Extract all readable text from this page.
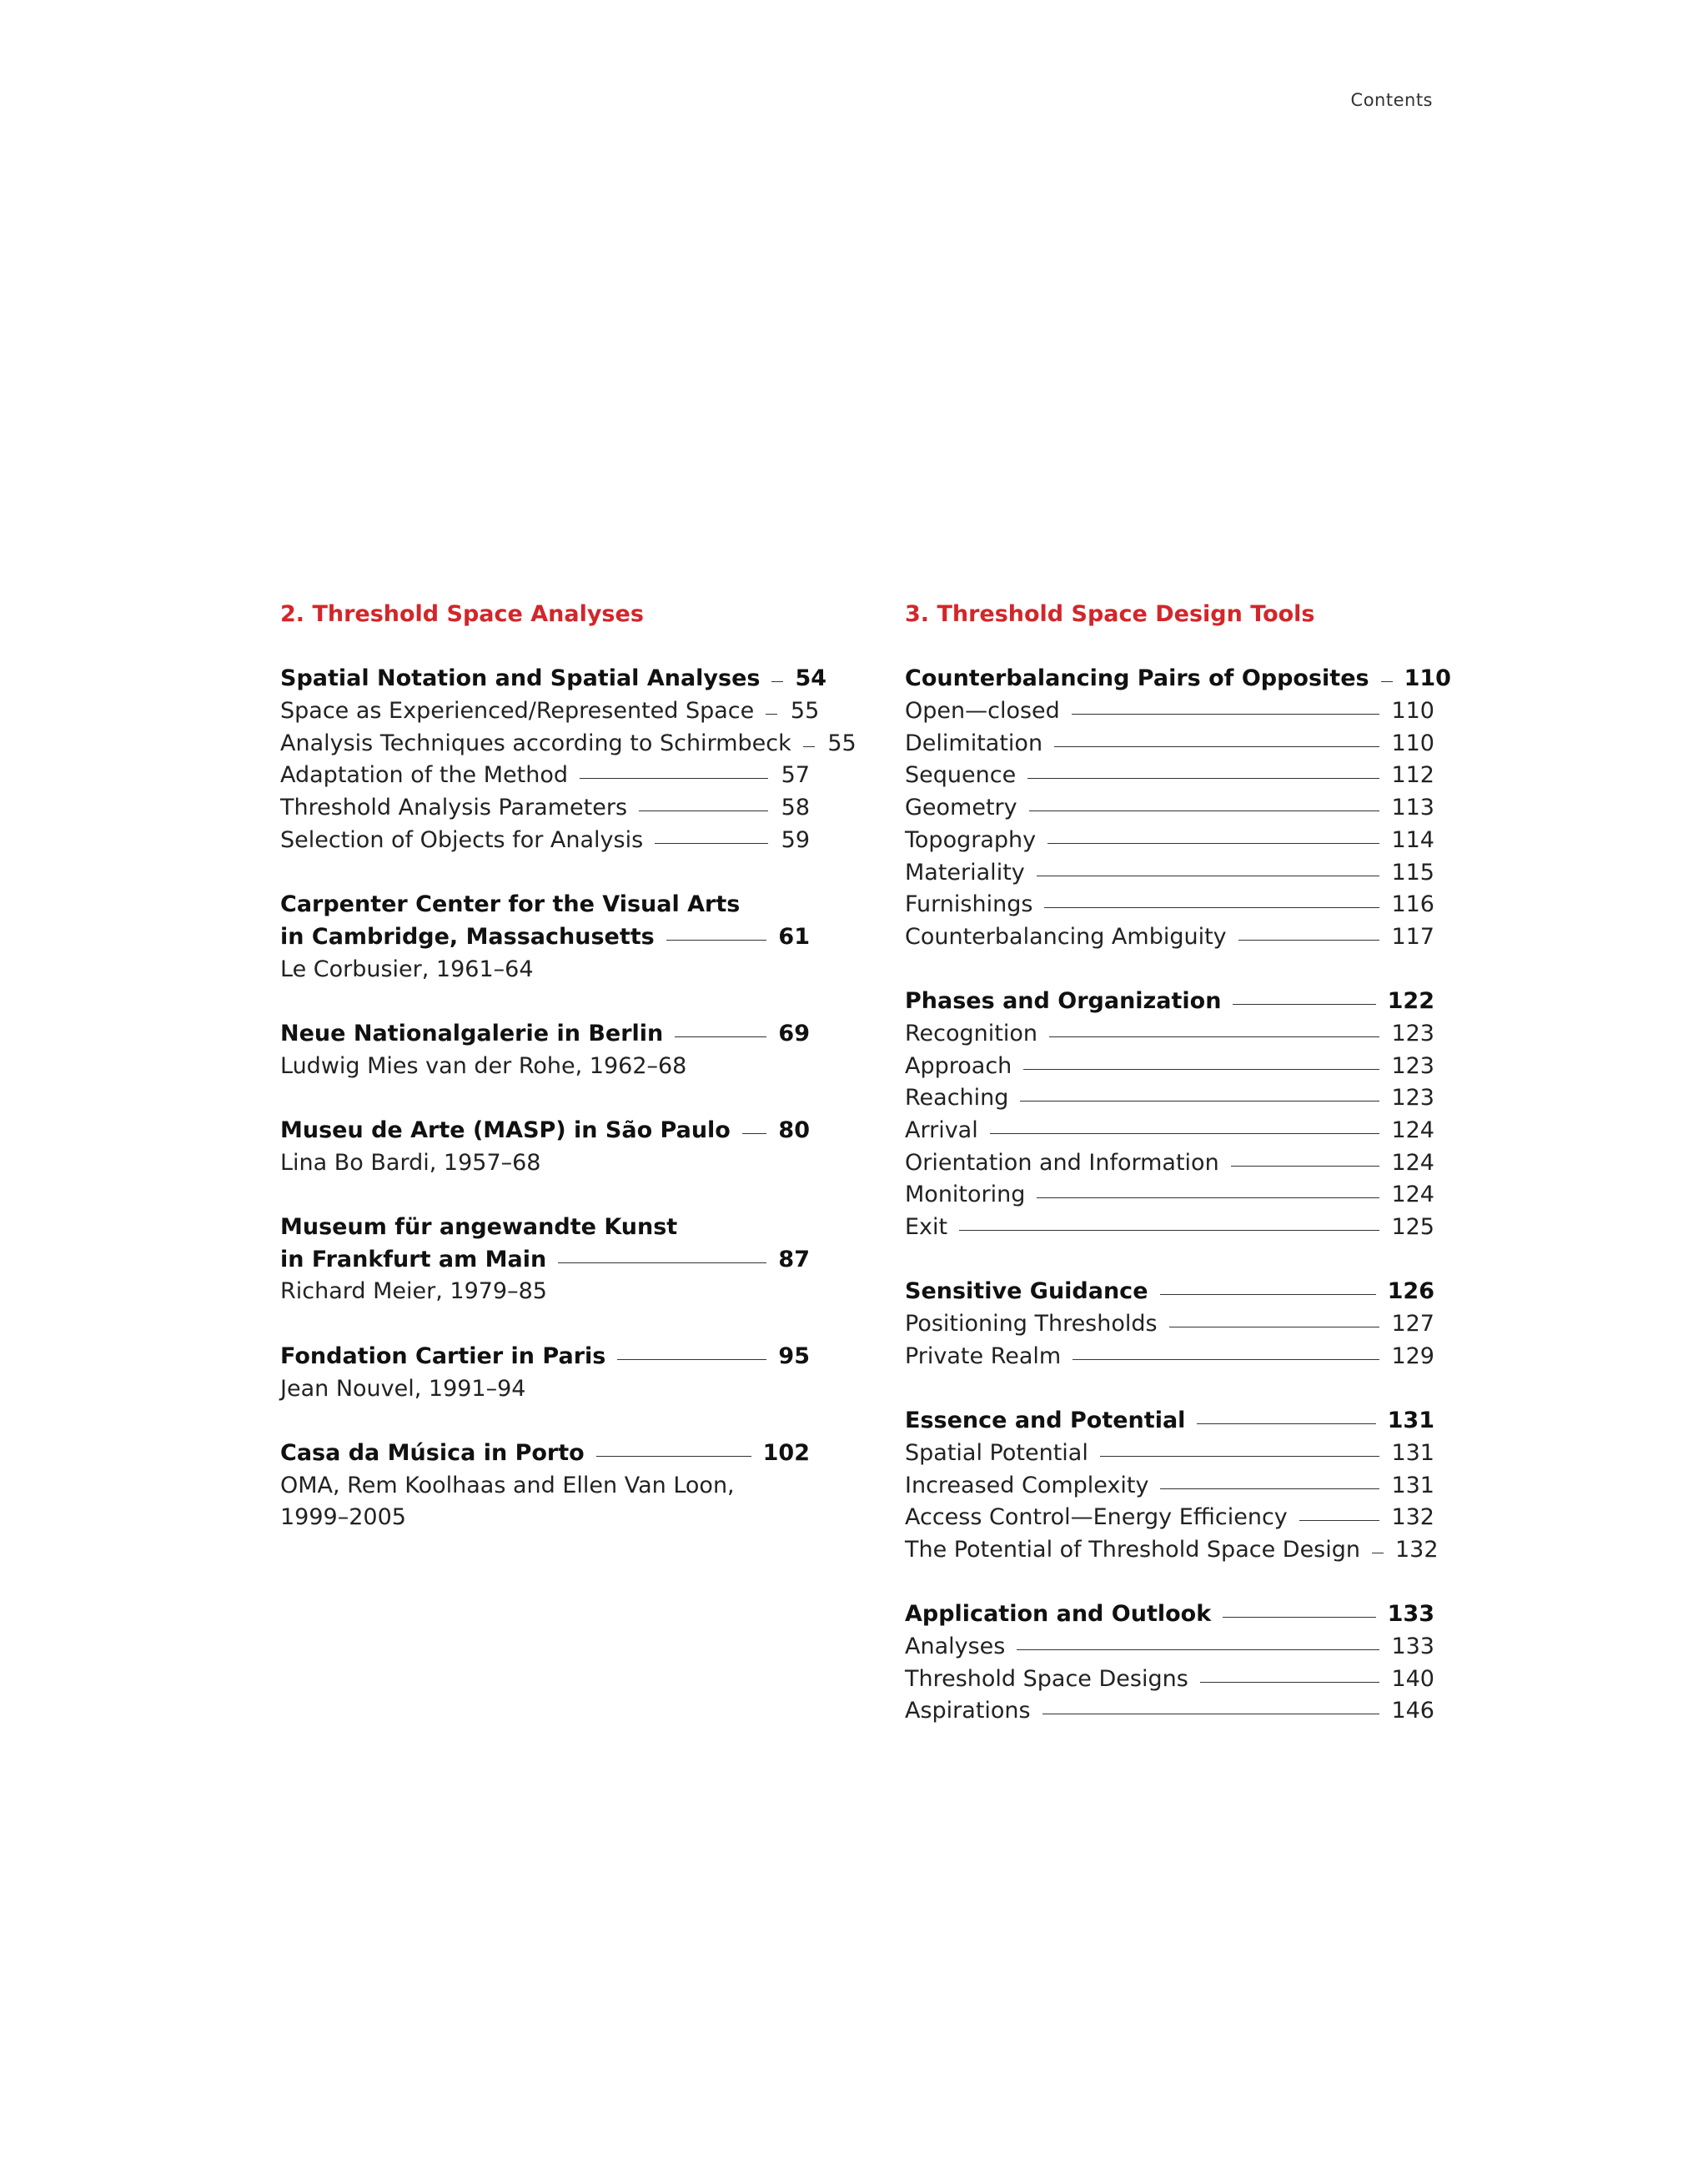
Contents
2. Threshold Space Analyses
Spatial Notation and Spatial Analyses 54
Space as Experienced/Represented Space 55
Analysis Techniques according to Schirmbeck 55
Adaptation of the Method	57
Threshold Analysis Parameters	58
Selection of Objects for Analysis	59
Carpenter Center for the Visual Arts
in Cambridge, Massachusetts	61
Le Corbusier, 1961–64
Neue Nationalgalerie in Berlin	69
Ludwig Mies van der Rohe, 1962–68
Museu de Arte (MASP) in São Paulo 80
Lina Bo Bardi, 1957–68
Museum für angewandte Kunst
in Frankfurt am Main	87
Richard Meier, 1979–85
Fondation Cartier in Paris	95
Jean Nouvel, 1991–94
Casa da Música in Porto	102
OMA, Rem Koolhaas and Ellen Van Loon,
1999–2005
3. Threshold Space Design Tools
Counterbalancing Pairs of Opposites 110
Open—closed	110
Delimitation	110
Sequence	112
Geometry	113
Topography	114
Materiality	115
Furnishings	116
Counterbalancing Ambiguity	117
Phases and Organization	122
Recognition	123
Approach	123
Reaching	123
Arrival	124
Orientation and Information	124
Monitoring	124
Exit	125
Sensitive Guidance	126
Positioning Thresholds	127
Private Realm	129
Essence and Potential	131
Spatial Potential	131
Increased Complexity	131
Access Control—Energy Efficiency	132
The Potential of Threshold Space Design 132
Application and Outlook	133
Analyses	133
Threshold Space Designs	140
Aspirations	146
